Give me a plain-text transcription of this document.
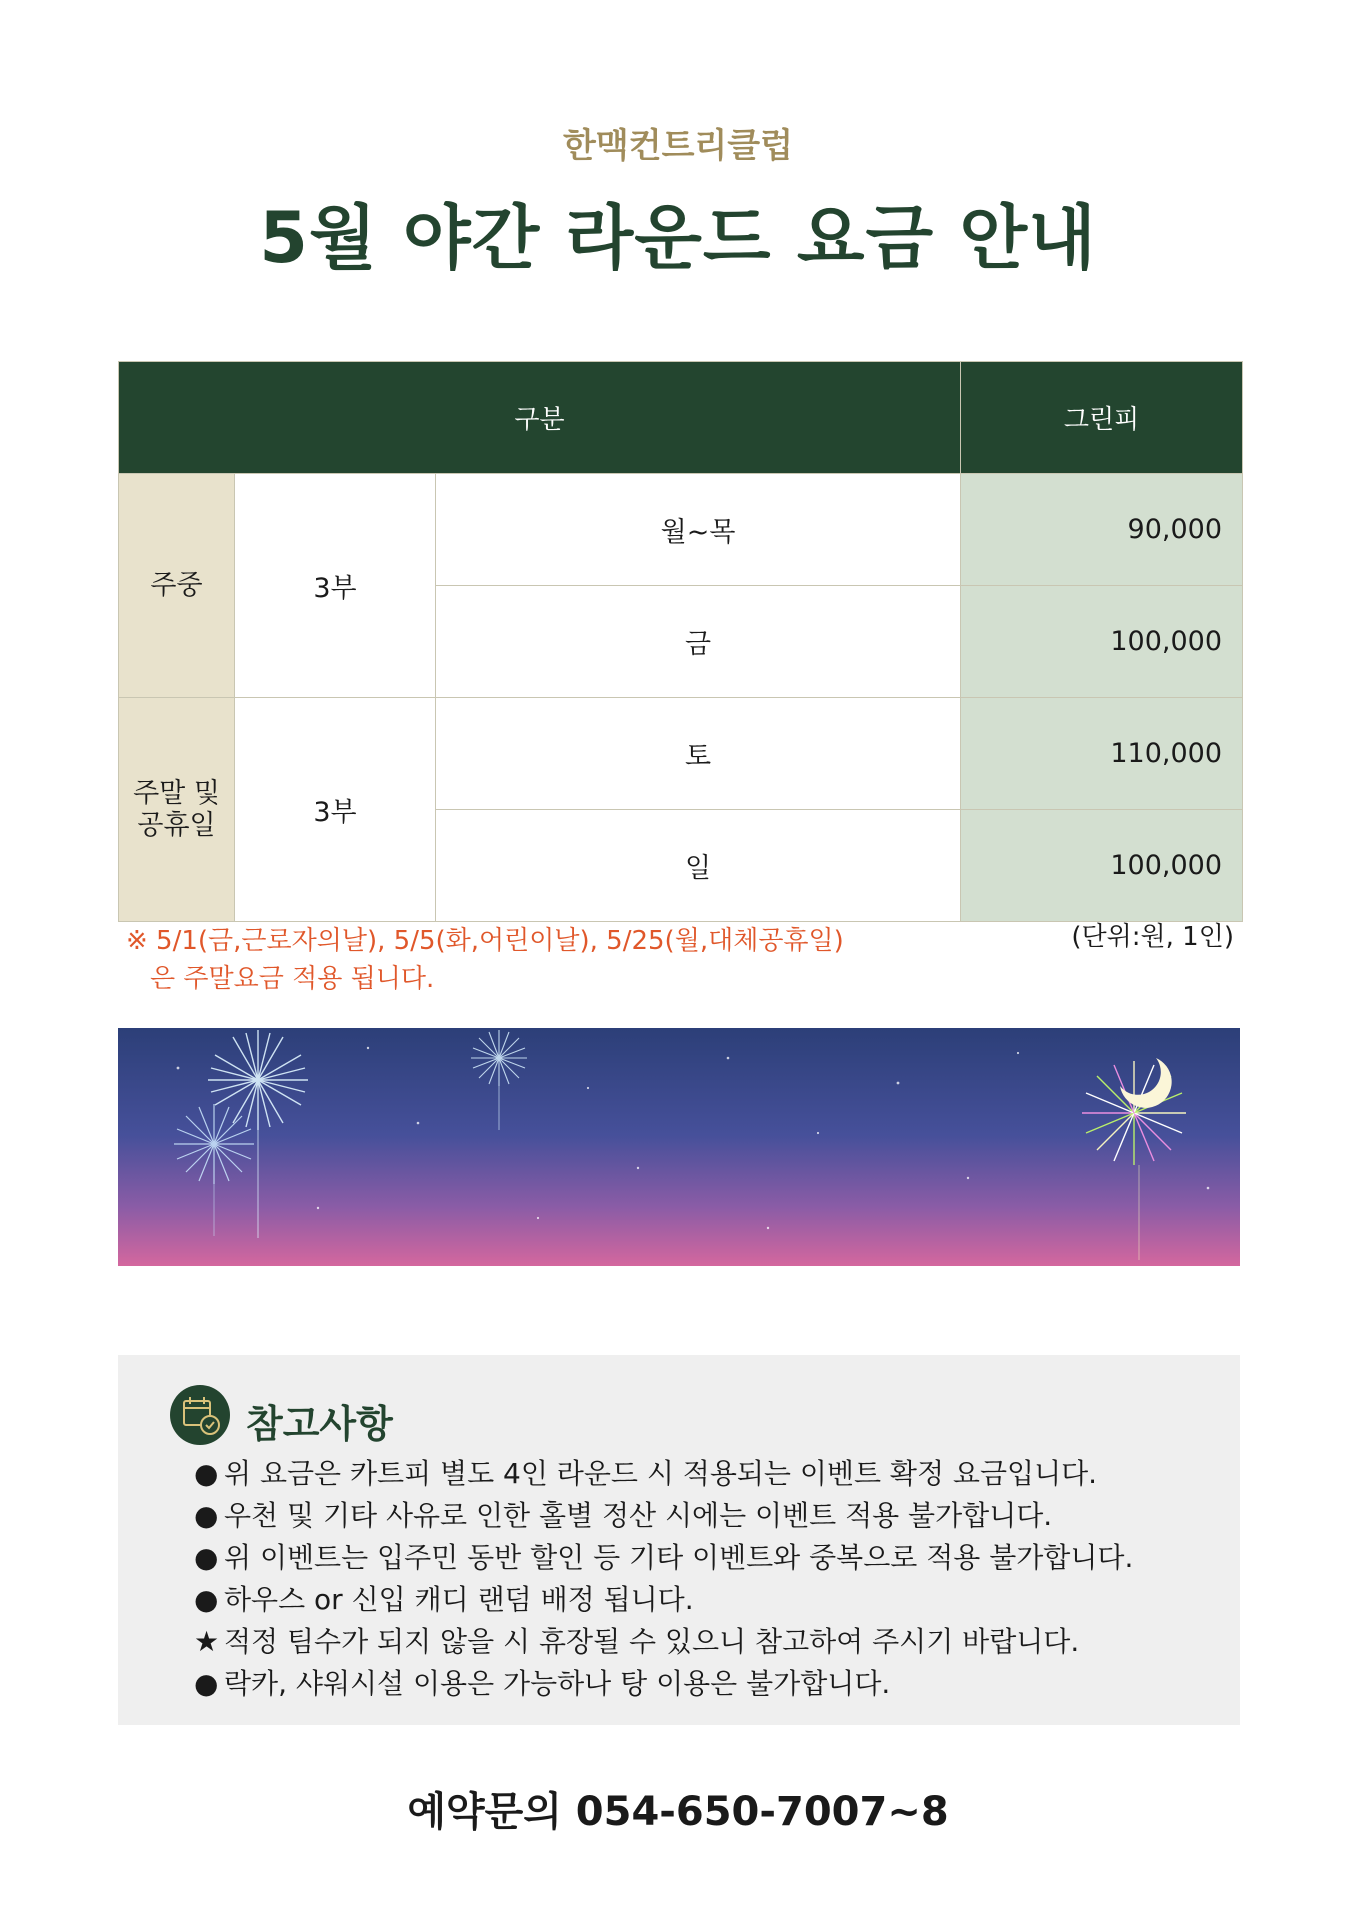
한맥컨트리클럽
5월 야간 라운드 요금 안내
구분			그린피
주중	3부	월~목	90,000
		금	100,000

주말 및
공휴일	3부	토	110,000
		일	100,000
※ 5/1(금,근로자의날), 5/5(화,어린이날), 5/25(월,대체공휴일)
은 주말요금 적용 됩니다.
(단위:원, 1인)
참고사항
● 위 요금은 카트피 별도 4인 라운드 시 적용되는 이벤트 확정 요금입니다.
● 우천 및 기타 사유로 인한 홀별 정산 시에는 이벤트 적용 불가합니다.
● 위 이벤트는 입주민 동반 할인 등 기타 이벤트와 중복으로 적용 불가합니다.
● 하우스 or 신입 캐디 랜덤 배정 됩니다.
★ 적정 팀수가 되지 않을 시 휴장될 수 있으니 참고하여 주시기 바랍니다.
● 락카, 샤워시설 이용은 가능하나 탕 이용은 불가합니다.
예약문의 054-650-7007~8
